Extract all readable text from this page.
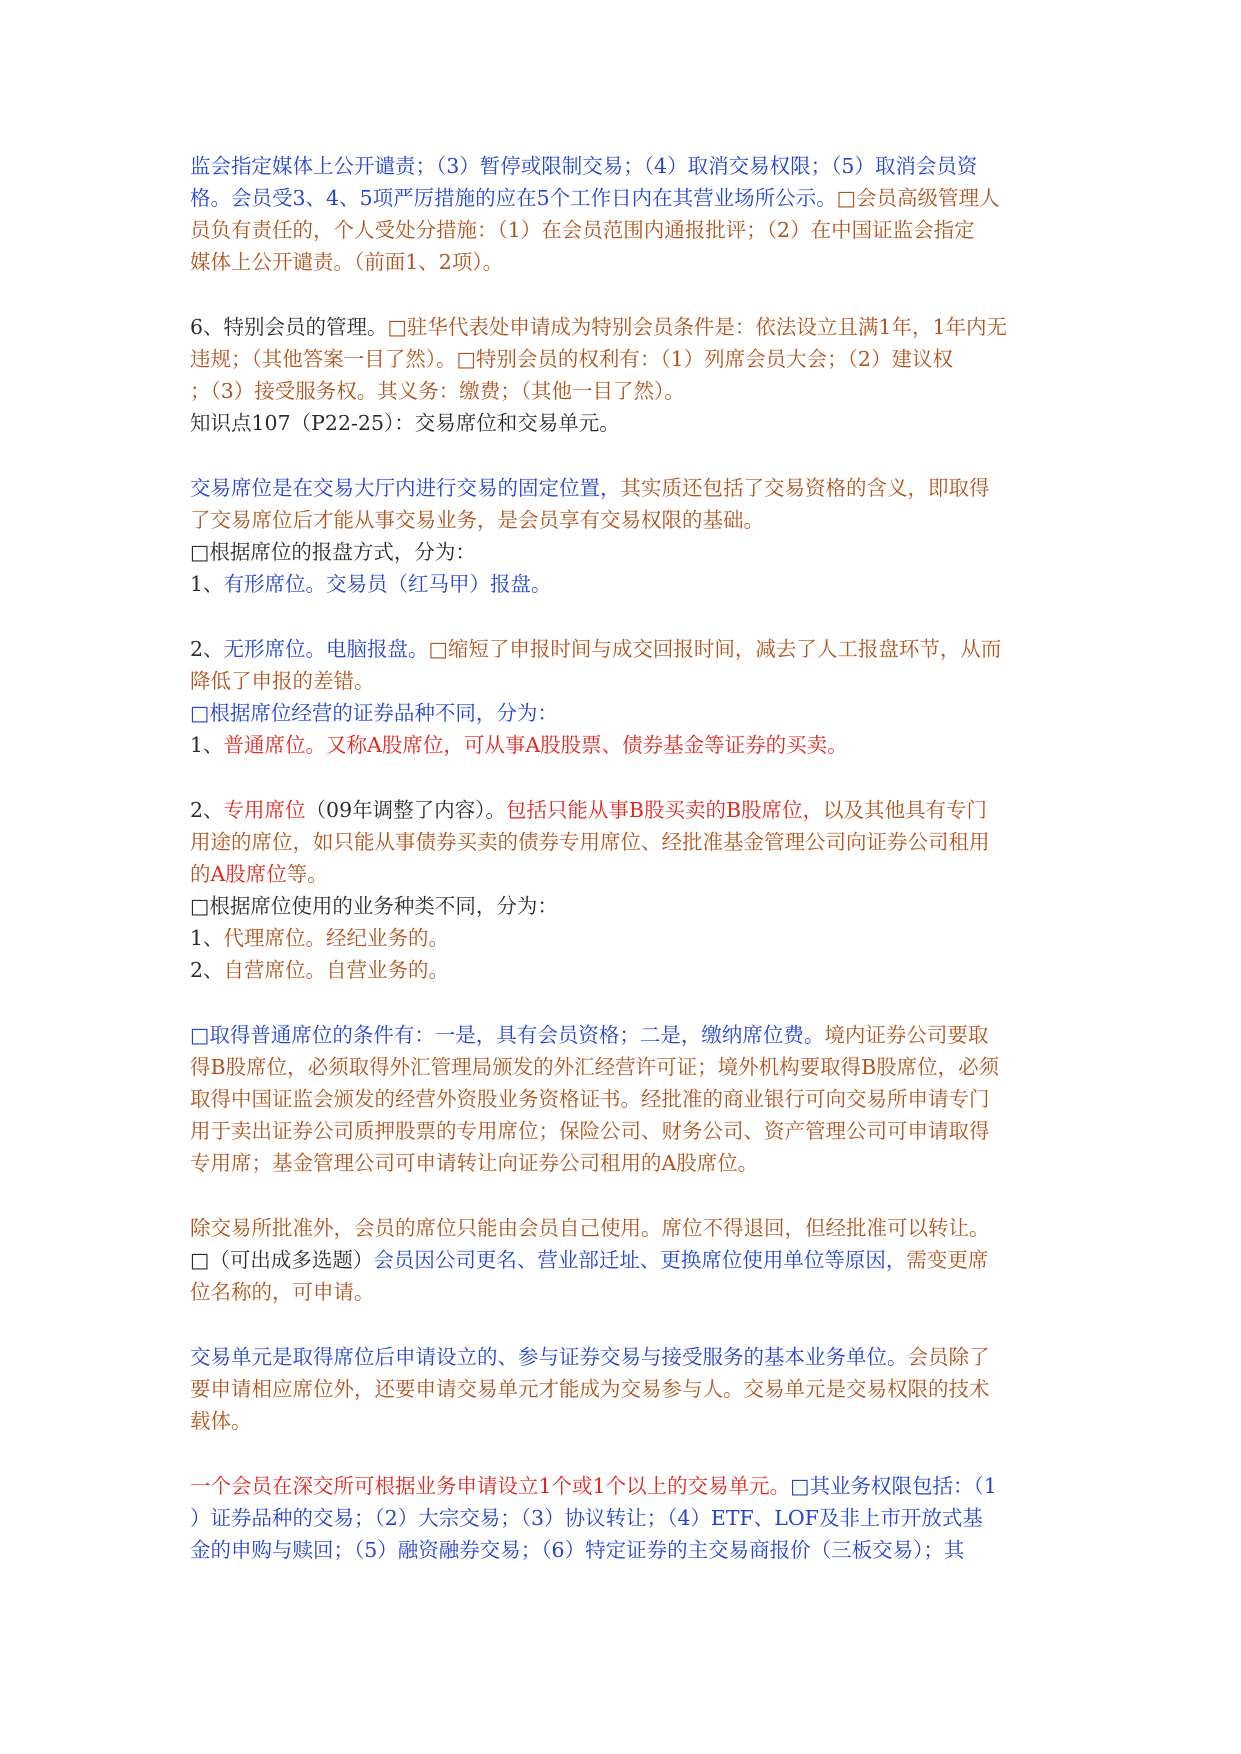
监会指定媒体上公开谴责；（3）暂停或限制交易；（4）取消交易权限；（5）取消会员资
格。会员受3、4、5项严厉措施的应在5个工作日内在其营业场所公示。□会员高级管理人
员负有责任的，个人受处分措施：（1）在会员范围内通报批评；（2）在中国证监会指定
媒体上公开谴责。（前面1、2项）。
6、特别会员的管理。□驻华代表处申请成为特别会员条件是：依法设立且满1年，1年内无
违规；（其他答案一目了然）。□特别会员的权利有：（1）列席会员大会；（2）建议权
；（3）接受服务权。其义务：缴费；（其他一目了然）。
知识点107（P22-25）：交易席位和交易单元。
交易席位是在交易大厅内进行交易的固定位置，其实质还包括了交易资格的含义，即取得
了交易席位后才能从事交易业务，是会员享有交易权限的基础。
□根据席位的报盘方式，分为：
1、有形席位。交易员（红马甲）报盘。
2、无形席位。电脑报盘。□缩短了申报时间与成交回报时间，减去了人工报盘环节，从而
降低了申报的差错。
□根据席位经营的证券品种不同，分为：
1、普通席位。又称A股席位，可从事A股股票、债券基金等证券的买卖。
2、专用席位（09年调整了内容）。包括只能从事B股买卖的B股席位，以及其他具有专门
用途的席位，如只能从事债券买卖的债券专用席位、经批准基金管理公司向证券公司租用
的A股席位等。
□根据席位使用的业务种类不同，分为：
1、代理席位。经纪业务的。
2、自营席位。自营业务的。
□取得普通席位的条件有：一是，具有会员资格；二是，缴纳席位费。境内证券公司要取
得B股席位，必须取得外汇管理局颁发的外汇经营许可证；境外机构要取得B股席位，必须
取得中国证监会颁发的经营外资股业务资格证书。经批准的商业银行可向交易所申请专门
用于卖出证券公司质押股票的专用席位；保险公司、财务公司、资产管理公司可申请取得
专用席；基金管理公司可申请转让向证券公司租用的A股席位。
除交易所批准外，会员的席位只能由会员自己使用。席位不得退回，但经批准可以转让。
□（可出成多选题）会员因公司更名、营业部迁址、更换席位使用单位等原因，需变更席
位名称的，可申请。
交易单元是取得席位后申请设立的、参与证券交易与接受服务的基本业务单位。会员除了
要申请相应席位外，还要申请交易单元才能成为交易参与人。交易单元是交易权限的技术
载体。
一个会员在深交所可根据业务申请设立1个或1个以上的交易单元。□其业务权限包括：（1
）证券品种的交易；（2）大宗交易；（3）协议转让；（4）ETF、LOF及非上市开放式基
金的申购与赎回；（5）融资融券交易；（6）特定证券的主交易商报价（三板交易）；其
